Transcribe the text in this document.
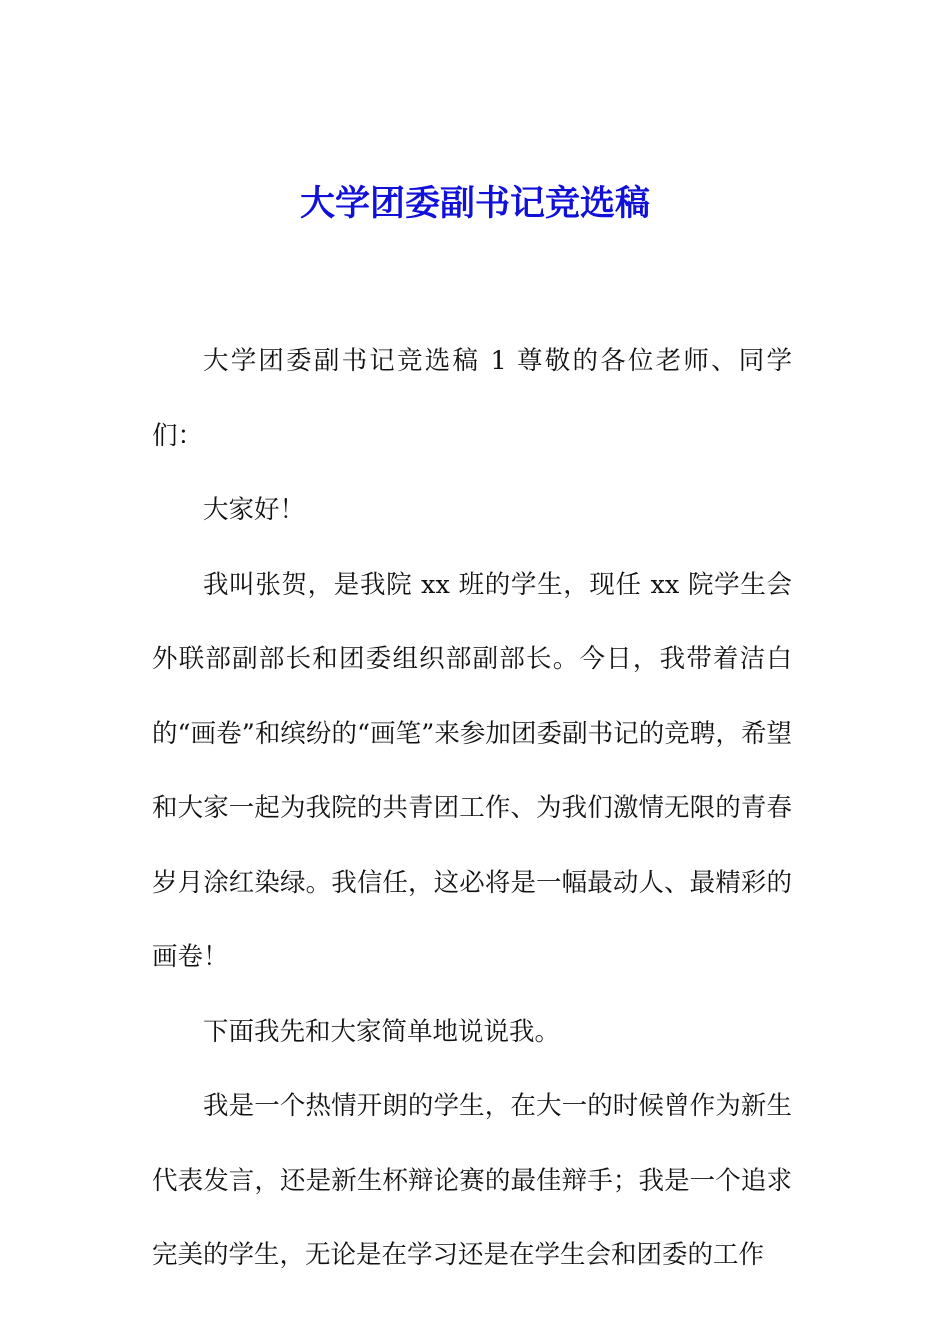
大学团委副书记竞选稿

大学团委副书记竞选稿 1 尊敬的各位老师、同学们：

大家好！

我叫张贺，是我院 xx 班的学生，现任 xx 院学生会外联部副部长和团委组织部副部长。今日，我带着洁白的“画卷”和缤纷的“画笔”来参加团委副书记的竞聘，希望和大家一起为我院的共青团工作、为我们激情无限的青春岁月涂红染绿。我信任，这必将是一幅最动人、最精彩的画卷！

下面我先和大家简单地说说我。

我是一个热情开朗的学生，在大一的时候曾作为新生代表发言，还是新生杯辩论赛的最佳辩手；我是一个追求完美的学生，无论是在学习还是在学生会和团委的工作
